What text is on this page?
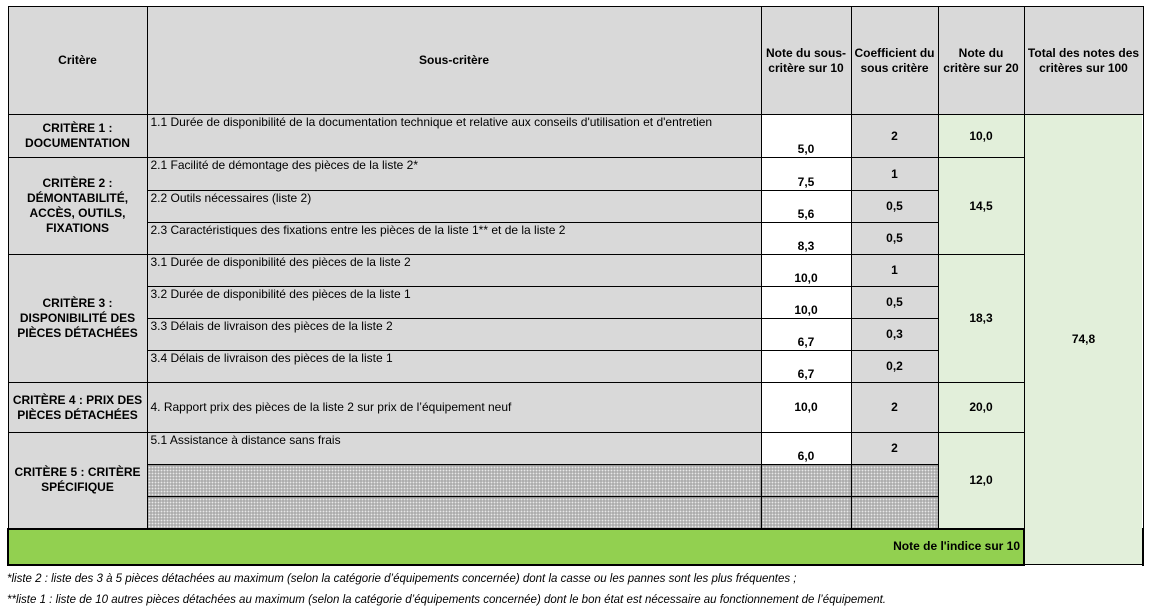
Critère	Sous-critère	Note du sous-critère sur 10	Coefficient du sous critère	Note du critère sur 20	Total des notes des critères sur 100	
CRITÈRE 1 : DOCUMENTATION	1.1 Durée de disponibilité de la documentation technique et relative aux conseils d'utilisation et d'entretien	5,0	2	10,0	74,8	
CRITÈRE 2 : DÉMONTABILITÉ, ACCÈS, OUTILS, FIXATIONS	2.1 Facilité de démontage des pièces de la liste 2*	7,5	1	14,5		
	2.2 Outils nécessaires (liste 2)	5,6	0,5			
	2.3 Caractéristiques des fixations entre les pièces de la liste 1** et de la liste 2	8,3	0,5			
CRITÈRE 3 : DISPONIBILITÉ DES PIÈCES DÉTACHÉES	3.1 Durée de disponibilité des pièces de la liste 2	10,0	1	18,3		
	3.2 Durée de disponibilité des pièces de la liste 1	10,0	0,5			
	3.3 Délais de livraison des pièces de la liste 2	6,7	0,3			
	3.4 Délais de livraison des pièces de la liste 1	6,7	0,2			
CRITÈRE 4 : PRIX DES PIÈCES DÉTACHÉES	4. Rapport prix des pièces de la liste 2 sur prix de l’équipement neuf	10,0	2	20,0		
CRITÈRE 5 : CRITÈRE SPÉCIFIQUE	5.1 Assistance à distance sans frais	6,0	2	12,0		

Note de l'indice sur 10	
*liste 2 : liste des 3 à 5 pièces détachées au maximum (selon la catégorie d’équipements concernée) dont la casse ou les pannes sont les plus fréquentes ;
**liste 1 : liste de 10 autres pièces détachées au maximum (selon la catégorie d’équipements concernée) dont le bon état est nécessaire au fonctionnement de l’équipement.
